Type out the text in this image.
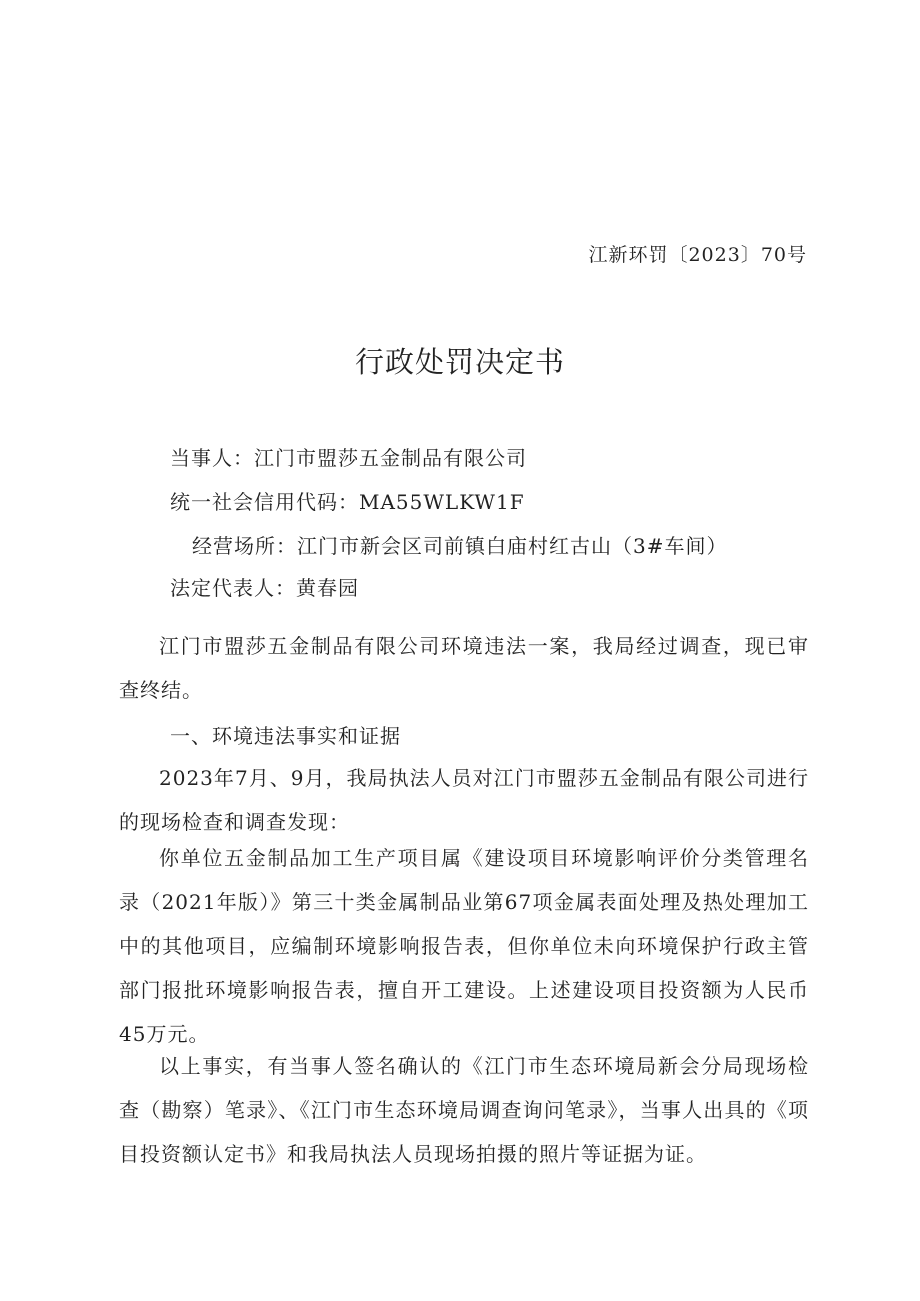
江新环罚〔2023〕70号
行政处罚决定书
当事人：江门市盟莎五金制品有限公司
统一社会信用代码：MA55WLKW1F
经营场所：江门市新会区司前镇白庙村红古山（3#车间）
法定代表人：黄春园

江门市盟莎五金制品有限公司环境违法一案，我局经过调查，现已审查终结。

一、环境违法事实和证据

2023年7月、9月，我局执法人员对江门市盟莎五金制品有限公司进行的现场检查和调查发现：

你单位五金制品加工生产项目属《建设项目环境影响评价分类管理名录（2021年版）》第三十类金属制品业第67项金属表面处理及热处理加工中的其他项目，应编制环境影响报告表，但你单位未向环境保护行政主管部门报批环境影响报告表，擅自开工建设。上述建设项目投资额为人民币45万元。

以上事实，有当事人签名确认的《江门市生态环境局新会分局现场检查（勘察）笔录》、《江门市生态环境局调查询问笔录》，当事人出具的《项目投资额认定书》和我局执法人员现场拍摄的照片等证据为证。
